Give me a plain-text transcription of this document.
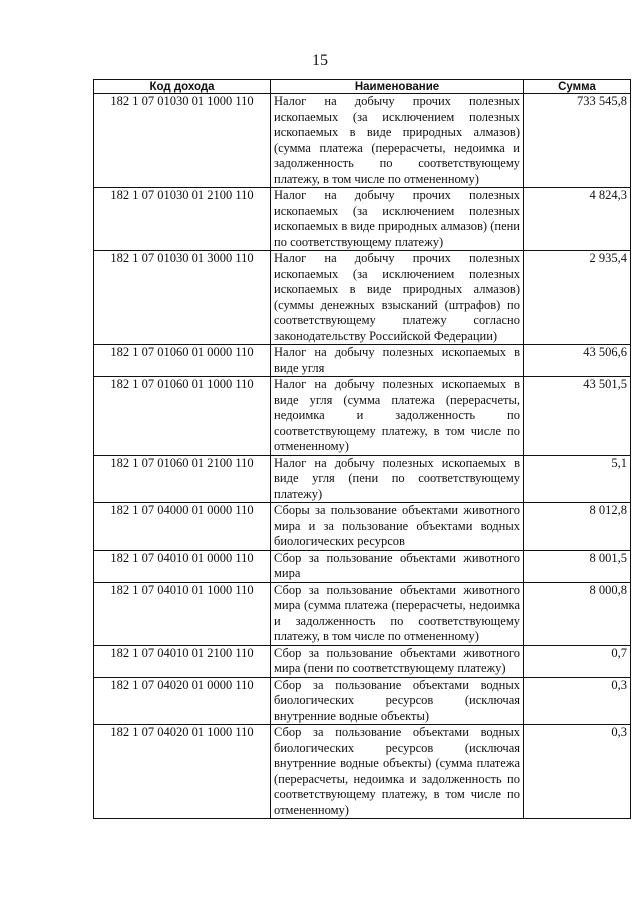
15
Код дохода	Наименование	Сумма
182 1 07 01030 01 1000 110	Налог на добычу прочих полезных ископаемых (за исключением полезных ископаемых в виде природных алмазов) (сумма платежа (перерасчеты, недоимка и задолженность по соответствующему платежу, в том числе по отмененному)	733 545,8
182 1 07 01030 01 2100 110	Налог на добычу прочих полезных ископаемых (за исключением полезных ископаемых в виде природных алмазов) (пени по соответствующему платежу)	4 824,3
182 1 07 01030 01 3000 110	Налог на добычу прочих полезных ископаемых (за исключением полезных ископаемых в виде природных алмазов) (суммы денежных взысканий (штрафов) по соответствующему платежу согласно законодательству Российской Федерации)	2 935,4
182 1 07 01060 01 0000 110	Налог на добычу полезных ископаемых в виде угля	43 506,6
182 1 07 01060 01 1000 110	Налог на добычу полезных ископаемых в виде угля (сумма платежа (перерасчеты, недоимка и задолженность по соответствующему платежу, в том числе по отмененному)	43 501,5
182 1 07 01060 01 2100 110	Налог на добычу полезных ископаемых в виде угля (пени по соответствующему платежу)	5,1
182 1 07 04000 01 0000 110	Сборы за пользование объектами животного мира и за пользование объектами водных биологических ресурсов	8 012,8
182 1 07 04010 01 0000 110	Сбор за пользование объектами животного мира	8 001,5
182 1 07 04010 01 1000 110	Сбор за пользование объектами животного мира (сумма платежа (перерасчеты, недоимка и задолженность по соответствующему платежу, в том числе по отмененному)	8 000,8
182 1 07 04010 01 2100 110	Сбор за пользование объектами животного мира (пени по соответствующему платежу)	0,7
182 1 07 04020 01 0000 110	Сбор за пользование объектами водных биологических ресурсов (исключая внутренние водные объекты)	0,3
182 1 07 04020 01 1000 110	Сбор за пользование объектами водных биологических ресурсов (исключая внутренние водные объекты) (сумма платежа (перерасчеты, недоимка и задолженность по соответствующему платежу, в том числе по отмененному)	0,3
